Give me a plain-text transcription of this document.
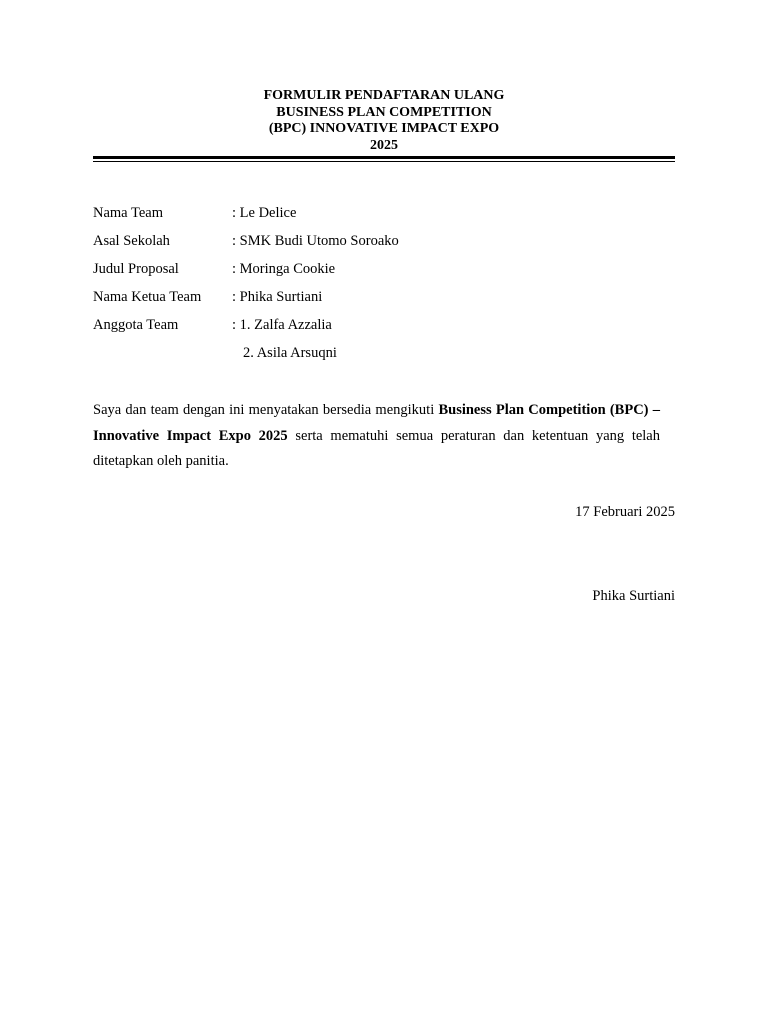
FORMULIR PENDAFTARAN ULANG
BUSINESS PLAN COMPETITION
(BPC) INNOVATIVE IMPACT EXPO
2025
Nama Team	: Le Delice
Asal Sekolah	: SMK Budi Utomo Soroako
Judul Proposal	: Moringa Cookie
Nama Ketua Team	: Phika Surtiani
Anggota Team	: 1. Zalfa Azzalia
2. Asila Arsuqni
Saya dan team dengan ini menyatakan bersedia mengikuti Business Plan Competition (BPC) – Innovative Impact Expo 2025 serta mematuhi semua peraturan dan ketentuan yang telah ditetapkan oleh panitia.
17 Februari 2025
Phika Surtiani
